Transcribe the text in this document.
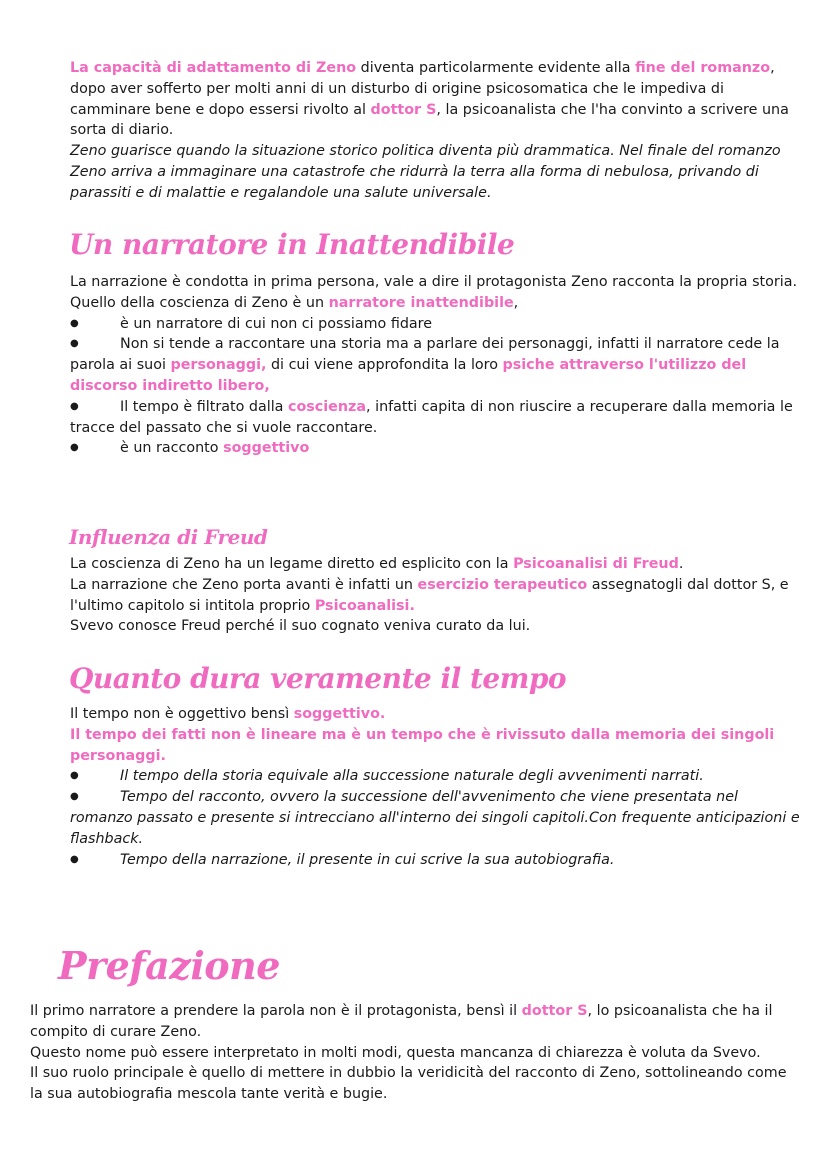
La capacità di adattamento di Zeno diventa particolarmente evidente alla fine del romanzo, dopo aver sofferto per molti anni di un disturbo di origine psicosomatica che le impediva di camminare bene e dopo essersi rivolto al dottor S, la psicoanalista che l'ha convinto a scrivere una sorta di diario.
Zeno guarisce quando la situazione storico politica diventa più drammatica. Nel finale del romanzo Zeno arriva a immaginare una catastrofe che ridurrà la terra alla forma di nebulosa, privando di parassiti e di malattie e regalandole una salute universale.
Un narratore in Inattendibile
La narrazione è condotta in prima persona, vale a dire il protagonista Zeno racconta la propria storia.
Quello della coscienza di Zeno è un narratore inattendibile,
●	è un narratore di cui non ci possiamo fidare
●	Non si tende a raccontare una storia ma a parlare dei personaggi, infatti il narratore cede la parola ai suoi personaggi, di cui viene approfondita la loro psiche attraverso l'utilizzo del discorso indiretto libero,
●	Il tempo è filtrato dalla coscienza, infatti capita di non riuscire a recuperare dalla memoria le tracce del passato che si vuole raccontare.
●	è un racconto soggettivo
Influenza di Freud
La coscienza di Zeno ha un legame diretto ed esplicito con la Psicoanalisi di Freud.
La narrazione che Zeno porta avanti è infatti un esercizio terapeutico assegnatogli dal dottor S, e l'ultimo capitolo si intitola proprio Psicoanalisi.
Svevo conosce Freud perché il suo cognato veniva curato da lui.
Quanto dura veramente il tempo
Il tempo non è oggettivo bensì soggettivo.
Il tempo dei fatti non è lineare ma è un tempo che è rivissuto dalla memoria dei singoli personaggi.
●	Il tempo della storia equivale alla successione naturale degli avvenimenti narrati.
●	Tempo del racconto, ovvero la successione dell'avvenimento che viene presentata nel romanzo passato e presente si intrecciano all'interno dei singoli capitoli.Con frequente anticipazioni e flashback.
●	Tempo della narrazione, il presente in cui scrive la sua autobiografia.
Prefazione
Il primo narratore a prendere la parola non è il protagonista, bensì il dottor S, lo psicoanalista che ha il compito di curare Zeno.
Questo nome può essere interpretato in molti modi, questa mancanza di chiarezza è voluta da Svevo.
Il suo ruolo principale è quello di mettere in dubbio la veridicità del racconto di Zeno, sottolineando come la sua autobiografia mescola tante verità e bugie.
